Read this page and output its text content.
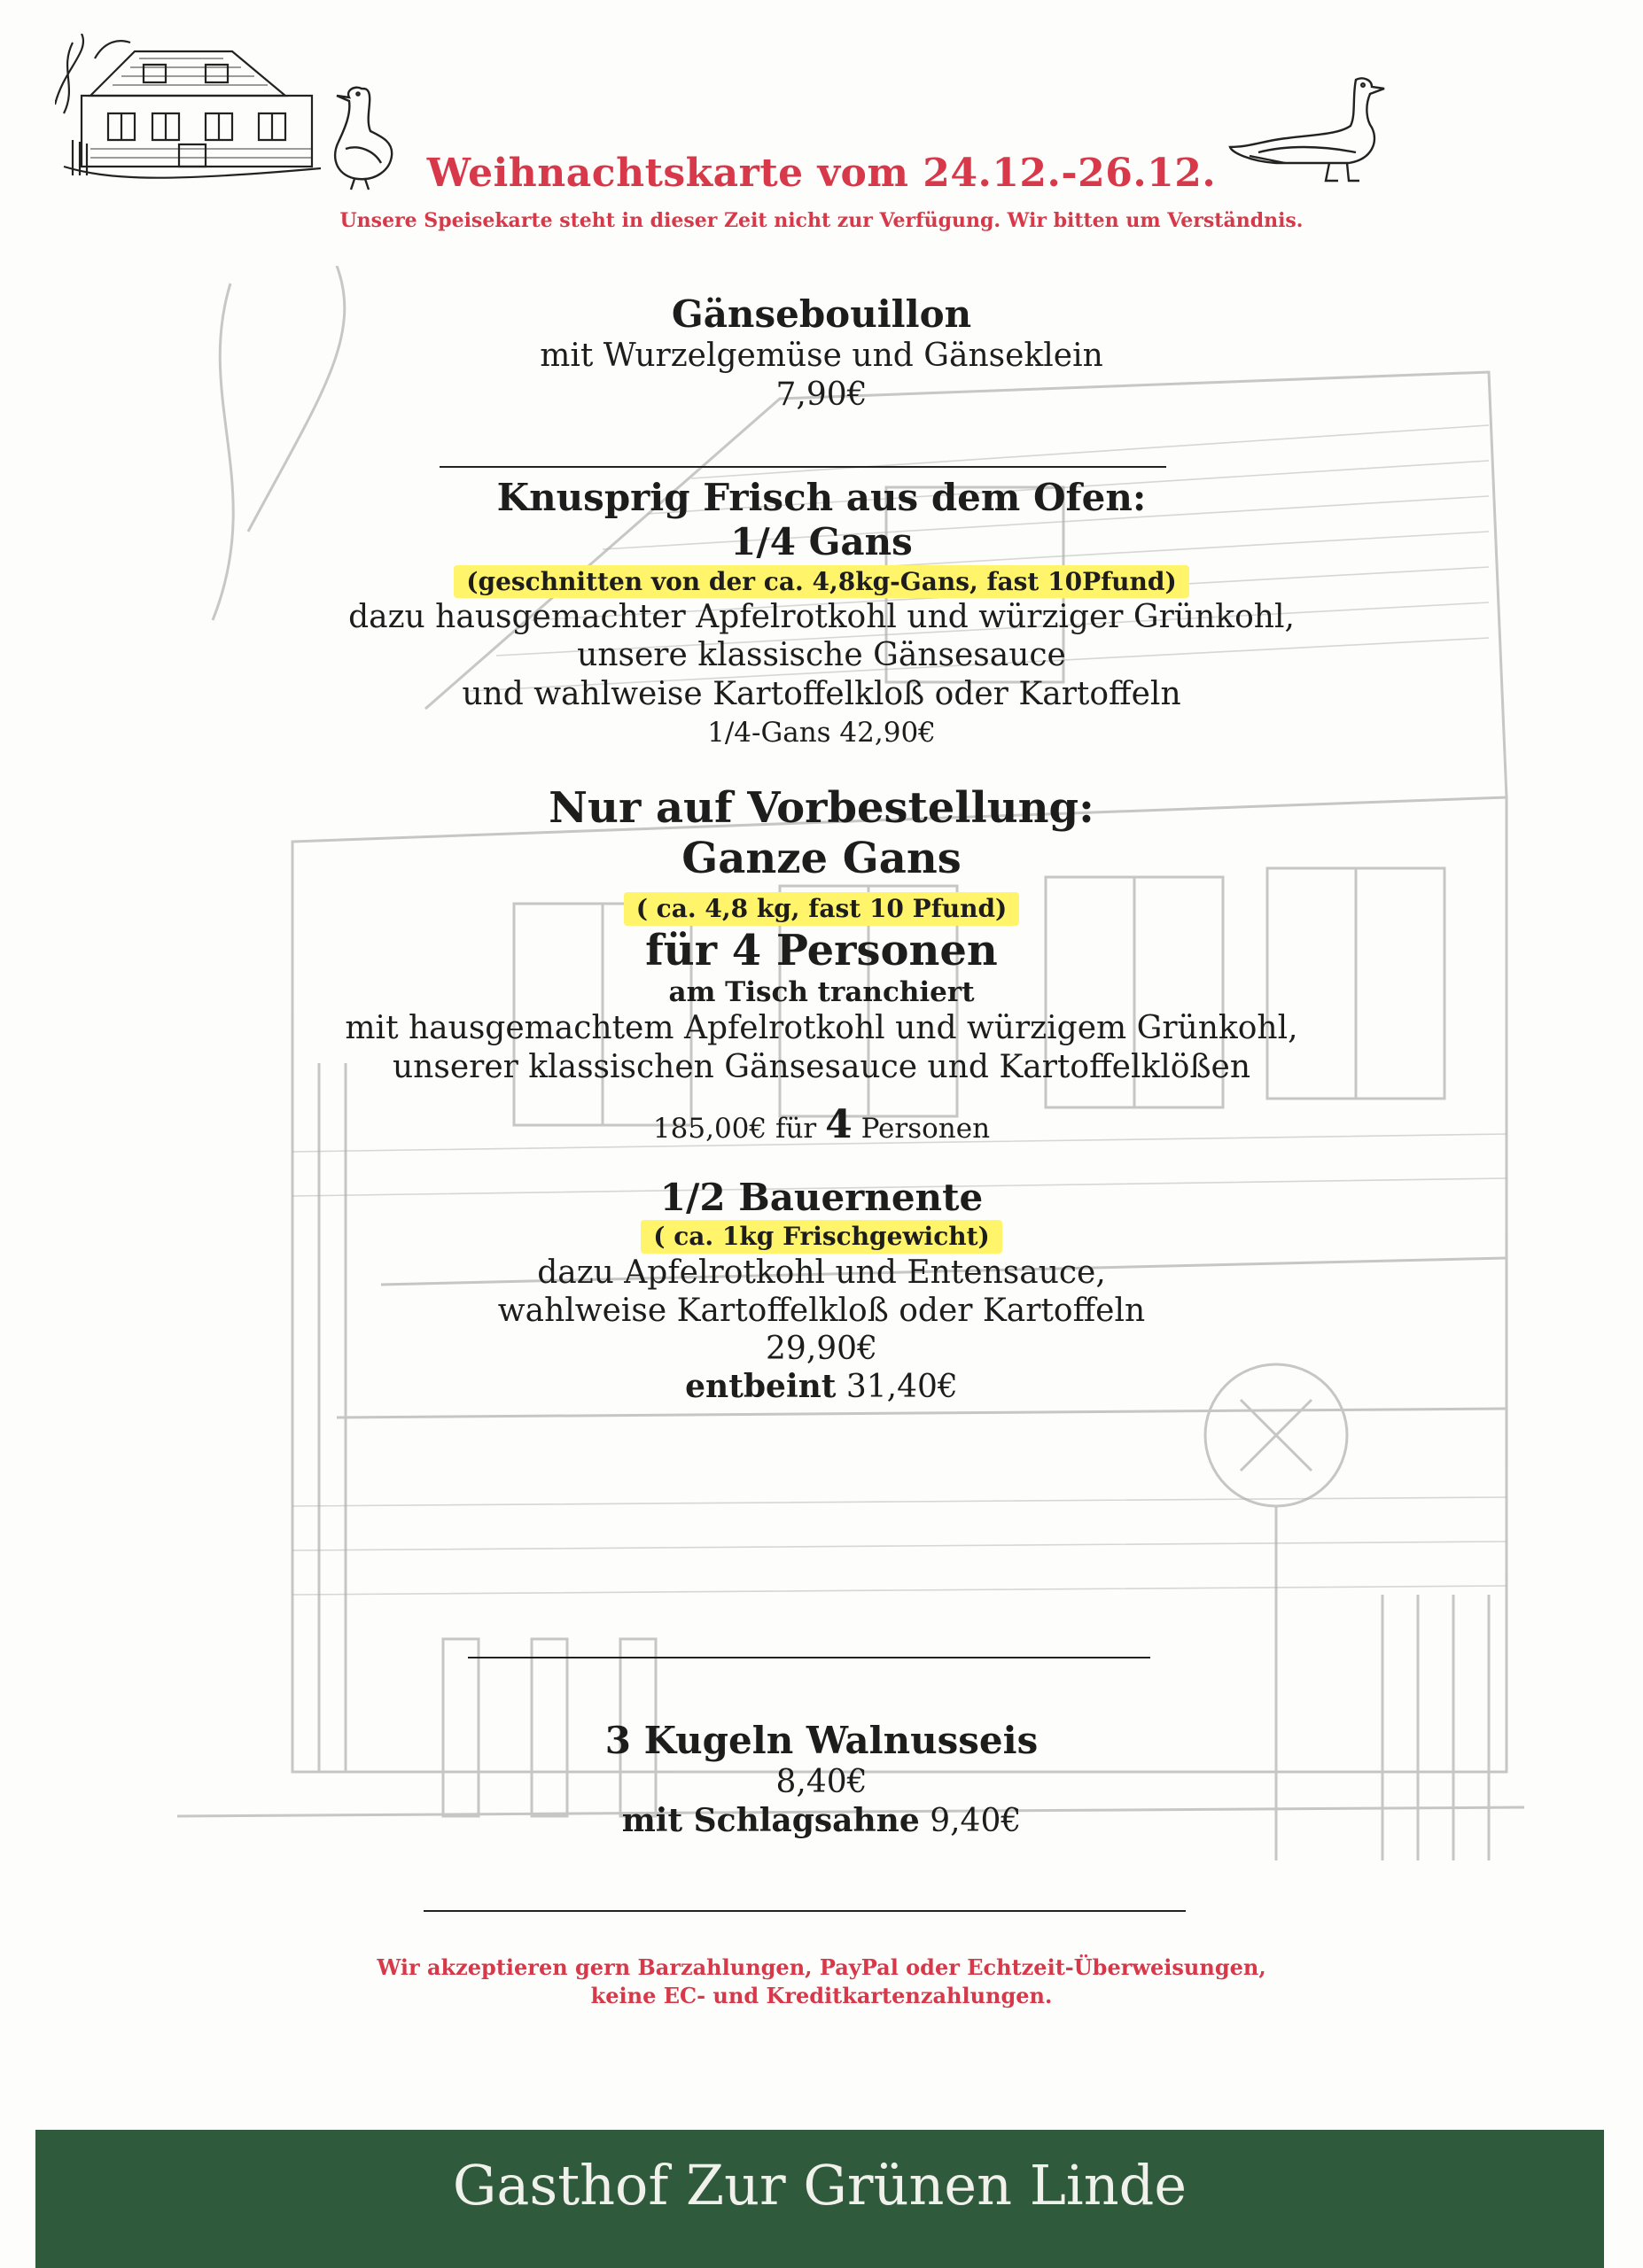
Weihnachtskarte vom 24.12.-26.12.
Unsere Speisekarte steht in dieser Zeit nicht zur Verfügung. Wir bitten um Verständnis.
Gänsebouillon
mit Wurzelgemüse und Gänseklein
7,90€
Knusprig Frisch aus dem Ofen:
1/4 Gans
(geschnitten von der ca. 4,8kg-Gans, fast 10Pfund)
dazu hausgemachter Apfelrotkohl und würziger Grünkohl,
unsere klassische Gänsesauce
und wahlweise Kartoffelkloß oder Kartoffeln
1/4-Gans 42,90€
Nur auf Vorbestellung:
Ganze Gans
( ca. 4,8 kg, fast 10 Pfund)
für 4 Personen
am Tisch tranchiert
mit hausgemachtem Apfelrotkohl und würzigem Grünkohl,
unserer klassischen Gänsesauce und Kartoffelklößen
185,00€ für 4 Personen
1/2 Bauernente
( ca. 1kg Frischgewicht)
dazu Apfelrotkohl und Entensauce,
wahlweise Kartoffelkloß oder Kartoffeln
29,90€
entbeint 31,40€
3 Kugeln Walnusseis
8,40€
mit Schlagsahne 9,40€
Wir akzeptieren gern Barzahlungen, PayPal oder Echtzeit-Überweisungen,
keine EC- und Kreditkartenzahlungen.
Gasthof Zur Grünen Linde
